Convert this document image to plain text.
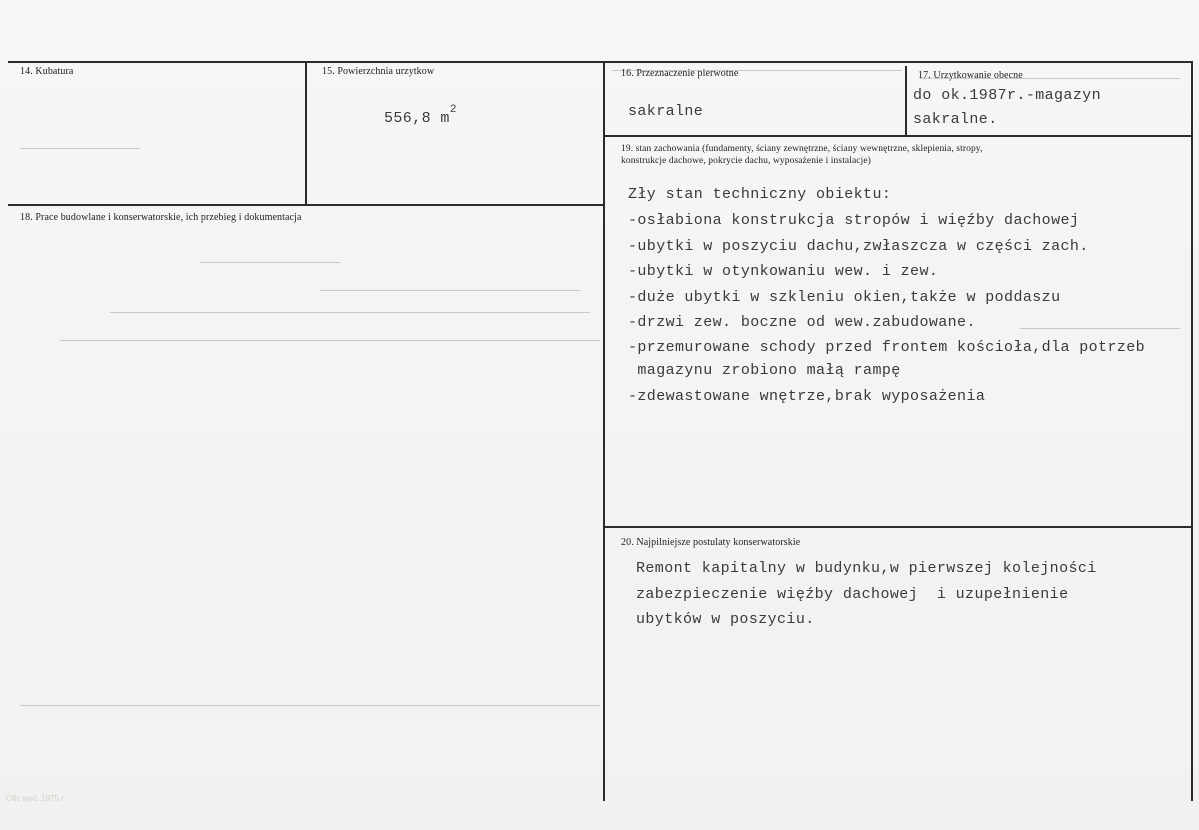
Ofic wyd. 1975 r.
14. Kubatura	15. Powierzchnia urzytkow
556,8 $m^2$
16. Przeznaczenie pierwotne
sakralne
17. Urzytkowanie obecne
do ok.1987r.-magazyn
sakralne.
18. Prace budowlane i konserwatorskie, ich przebieg i dokumentacja
19. stan zachowania (fundamenty, ściany zewnętrzne, ściany wewnętrzne, sklepienia, stropy,
konstrukcje dachowe, pokrycie dachu, wyposażenie i instalacje)
Zły stan techniczny obiektu:
-osłabiona konstrukcja stropów i więźby dachowej
-ubytki w poszyciu dachu,zwłaszcza w części zach.
-ubytki w otynkowaniu wew. i zew.
-duże ubytki w szkleniu okien,także w poddaszu
-drzwi zew. boczne od wew.zabudowane.
-przemurowane schody przed frontem kościoła,dla potrzeb
magazynu zrobiono małą rampę
-zdewastowane wnętrze,brak wyposażenia
20. Najpilniejsze postulaty konserwatorskie
Remont kapitalny w budynku,w pierwszej kolejności
zabezpieczenie więźby dachowej  i uzupełnienie
ubytków w poszyciu.
